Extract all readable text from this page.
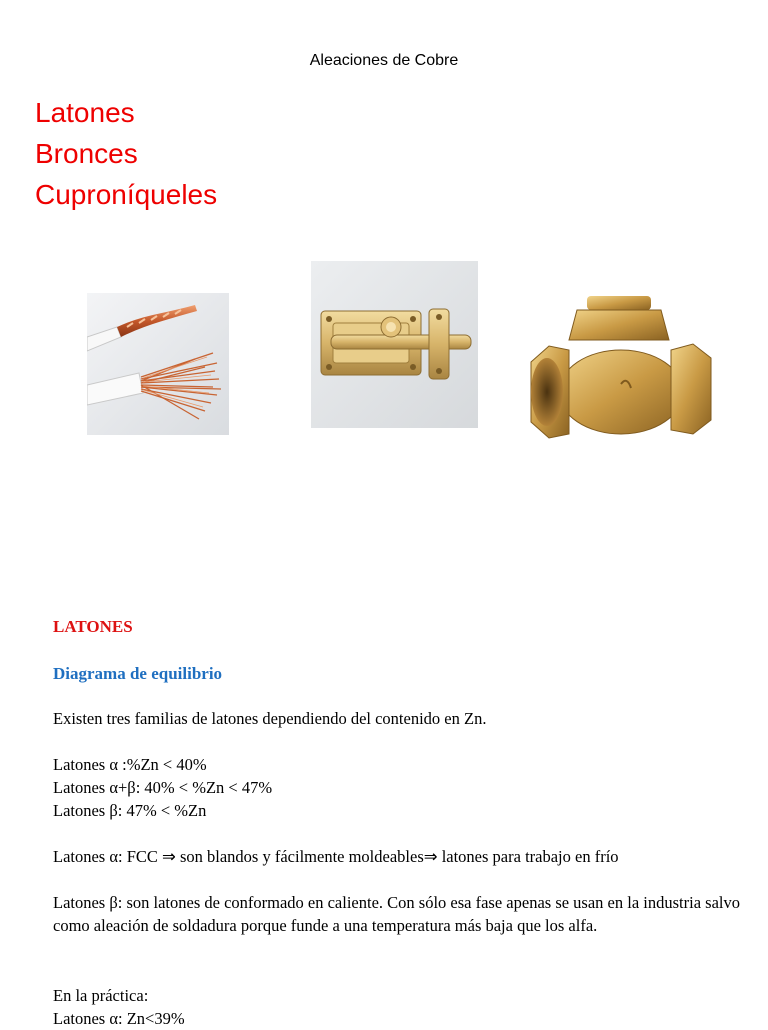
Aleaciones de Cobre
Latones
Bronces
Cuproníqueles
LATONES
Diagrama de equilibrio
Existen tres familias de latones dependiendo del contenido en Zn.
Latones α :%Zn < 40%
Latones α+β: 40% < %Zn < 47%
Latones β: 47% < %Zn
Latones α: FCC ⇒ son blandos y fácilmente moldeables⇒ latones para trabajo en frío
Latones β: son latones de conformado en caliente. Con sólo esa fase apenas se usan en la industria salvo como aleación de soldadura porque funde a una temperatura más baja que los alfa.
En la práctica:
Latones α: Zn<39%
